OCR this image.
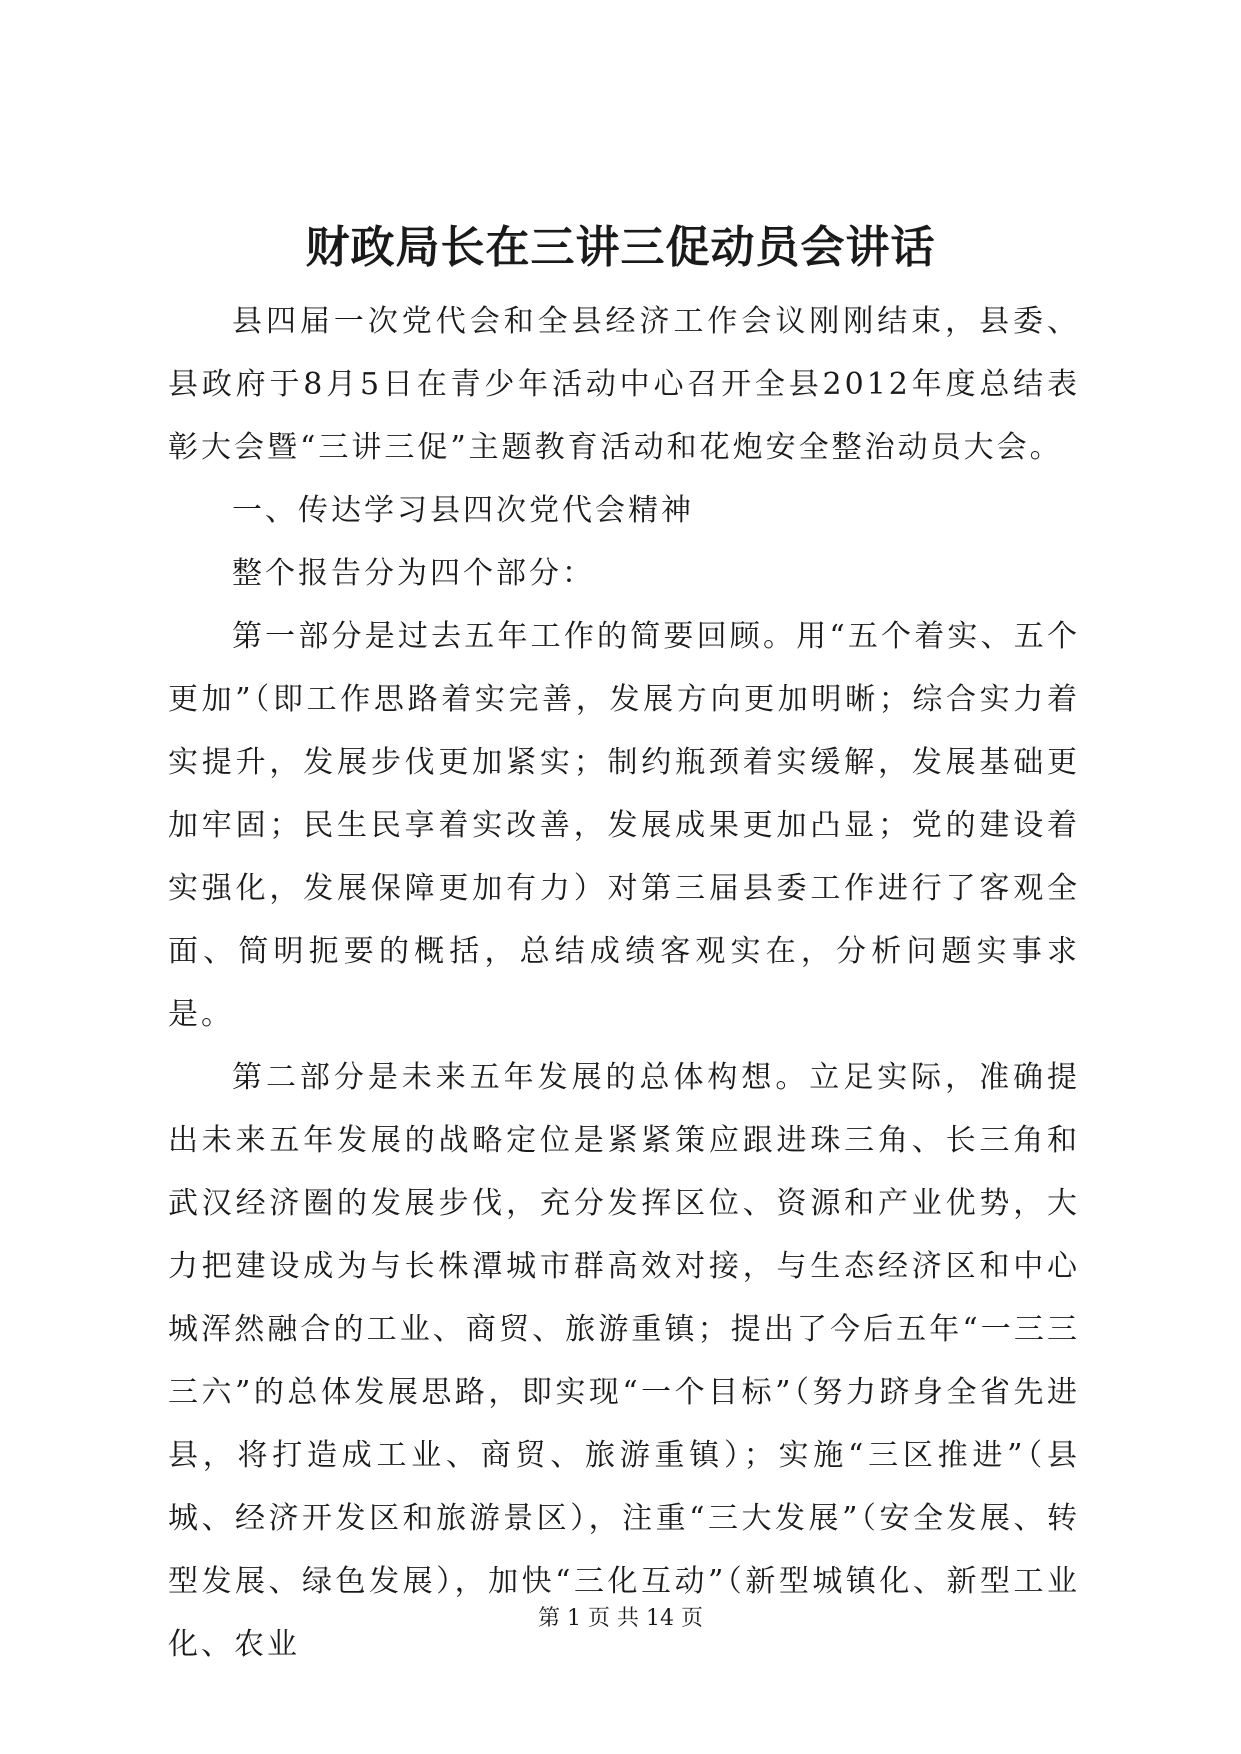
财政局长在三讲三促动员会讲话

县四届一次党代会和全县经济工作会议刚刚结束，县委、县政府于8月5日在青少年活动中心召开全县2012年度总结表彰大会暨“三讲三促”主题教育活动和花炮安全整治动员大会。

一、传达学习县四次党代会精神

整个报告分为四个部分：

第一部分是过去五年工作的简要回顾。用“五个着实、五个更加”（即工作思路着实完善，发展方向更加明晰；综合实力着实提升，发展步伐更加紧实；制约瓶颈着实缓解，发展基础更加牢固；民生民享着实改善，发展成果更加凸显；党的建设着实强化，发展保障更加有力）对第三届县委工作进行了客观全面、简明扼要的概括，总结成绩客观实在，分析问题实事求是。

第二部分是未来五年发展的总体构想。立足实际，准确提出未来五年发展的战略定位是紧紧策应跟进珠三角、长三角和武汉经济圈的发展步伐，充分发挥区位、资源和产业优势，大力把建设成为与长株潭城市群高效对接，与生态经济区和中心城浑然融合的工业、商贸、旅游重镇；提出了今后五年“一三三三六”的总体发展思路，即实现“一个目标”（努力跻身全省先进县，将打造成工业、商贸、旅游重镇）；实施“三区推进”（县城、经济开发区和旅游景区），注重“三大发展”（安全发展、转型发展、绿色发展），加快“三化互动”（新型城镇化、新型工业化、农业

第 1 页 共 14 页
